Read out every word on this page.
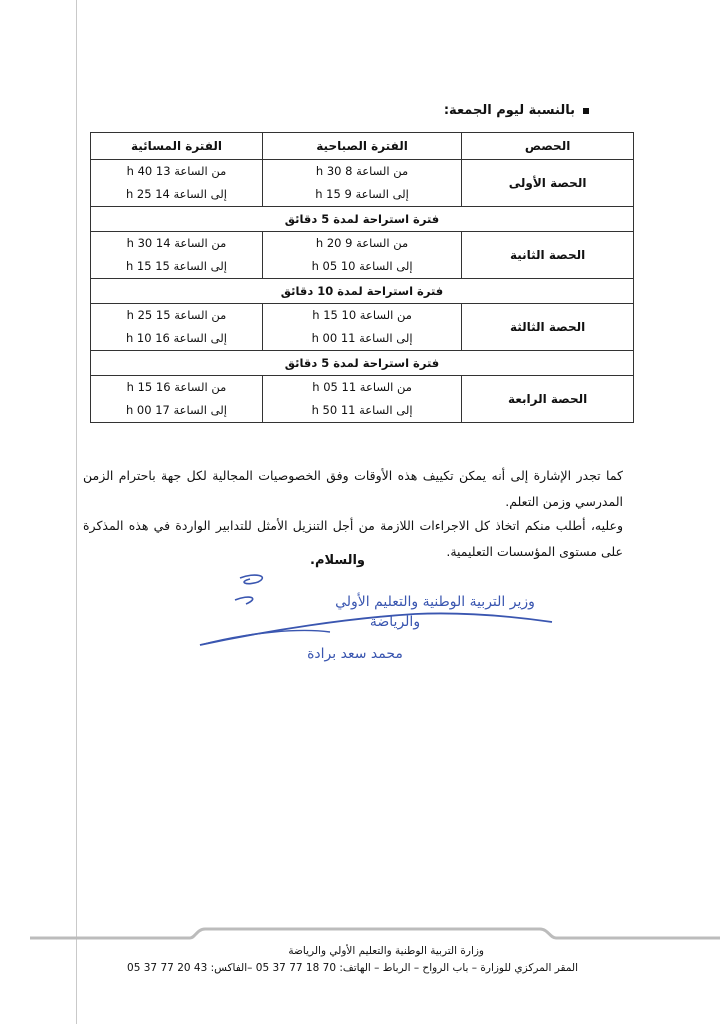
بالنسبة ليوم الجمعة:
الحصص	الفترة الصباحية	الفترة المسائية
الحصة الأولى	من الساعة 8 h 30	من الساعة 13 h 40
	إلى الساعة 9 h 15	إلى الساعة 14 h 25
فترة استراحة لمدة 5 دقائق		
الحصة الثانية	من الساعة 9 h 20	من الساعة 14 h 30
	إلى الساعة 10 h 05	إلى الساعة 15 h 15
فترة استراحة لمدة 10 دقائق		
الحصة الثالثة	من الساعة 10 h 15	من الساعة 15 h 25
	إلى الساعة 11 h 00	إلى الساعة 16 h 10
فترة استراحة لمدة 5 دقائق		
الحصة الرابعة	من الساعة 11 h 05	من الساعة 16 h 15
	إلى الساعة 11 h 50	إلى الساعة 17 h 00

كما تجدر الإشارة إلى أنه يمكن تكييف هذه الأوقات وفق الخصوصيات المجالية لكل جهة باحترام الزمن المدرسي وزمن التعلم.

وعليه، أطلب منكم اتخاذ كل الاجراءات اللازمة من أجل التنزيل الأمثل للتدابير الواردة في هذه المذكرة على مستوى المؤسسات التعليمية.

والسلام.
وزير التربية الوطنية والتعليم الأولي
والرياضة
محمد سعد برادة
وزارة التربية الوطنية والتعليم الأولي والرياضة
المقر المركزي للوزارة – باب الرواح – الرباط – الهاتف: 70 18 77 37 05 –الفاكس: 43 20 77 37 05
